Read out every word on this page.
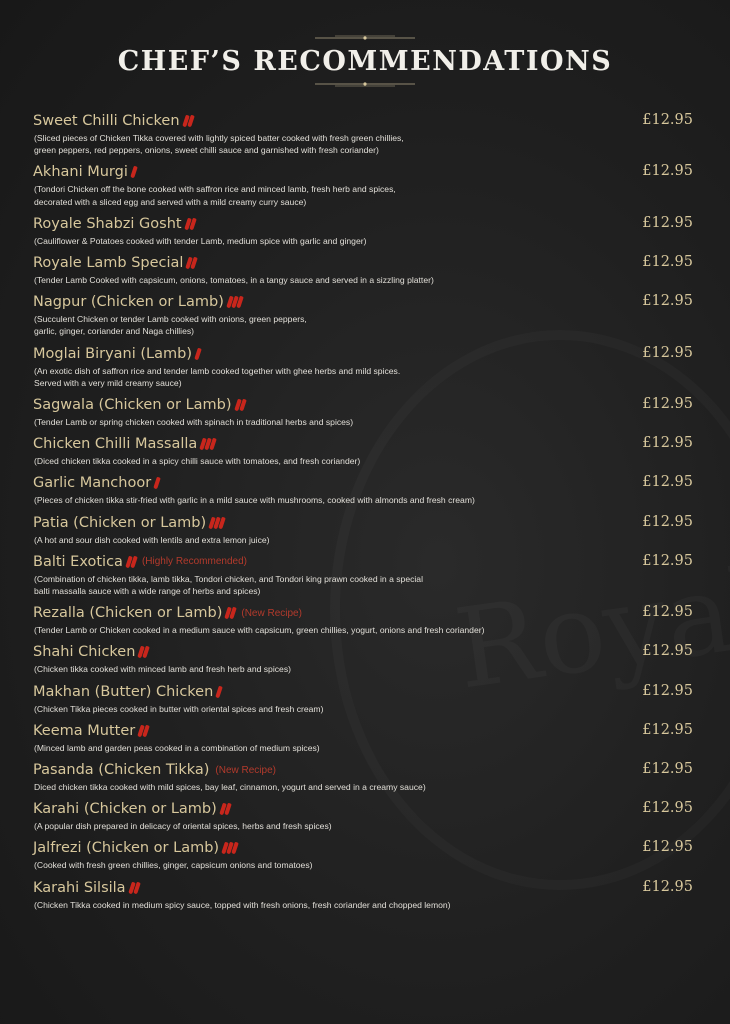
CHEF’S RECOMMENDATIONS
Sweet Chilli Chicken	£12.95
(Sliced pieces of Chicken Tikka covered with lightly spiced batter cooked with fresh green chillies,
green peppers, red peppers, onions, sweet chilli sauce and garnished with fresh coriander)
Akhani Murgi	£12.95
(Tondori Chicken off the bone cooked with saffron rice and minced lamb, fresh herb and spices,
decorated with a sliced egg and served with a mild creamy curry sauce)
Royale Shabzi Gosht	£12.95
(Cauliflower & Potatoes cooked with tender Lamb, medium spice with garlic and ginger)
Royale Lamb Special	£12.95
(Tender Lamb Cooked with capsicum, onions, tomatoes, in a tangy sauce and served in a sizzling platter)
Nagpur (Chicken or Lamb)	£12.95
(Succulent Chicken or tender Lamb cooked with onions, green peppers,
garlic, ginger, coriander and Naga chillies)
Moglai Biryani (Lamb)	£12.95
(An exotic dish of saffron rice and tender lamb cooked together with ghee herbs and mild spices.
Served with a very mild creamy sauce)
Sagwala (Chicken or Lamb)	£12.95
(Tender Lamb or spring chicken cooked with spinach in traditional herbs and spices)
Chicken Chilli Massalla	£12.95
(Diced chicken tikka cooked in a spicy chilli sauce with tomatoes, and fresh coriander)
Garlic Manchoor	£12.95
(Pieces of chicken tikka stir-fried with garlic in a mild sauce with mushrooms, cooked with almonds and fresh cream)
Patia (Chicken or Lamb)	£12.95
(A hot and sour dish cooked with lentils and extra lemon juice)
Balti Exotica (Highly Recommended)	£12.95
(Combination of chicken tikka, lamb tikka, Tondori chicken, and Tondori king prawn cooked in a special
balti massalla sauce with a wide range of herbs and spices)
Rezalla (Chicken or Lamb) (New Recipe)	£12.95
(Tender Lamb or Chicken cooked in a medium sauce with capsicum, green chillies, yogurt, onions and fresh coriander)
Shahi Chicken	£12.95
(Chicken tikka cooked with minced lamb and fresh herb and spices)
Makhan (Butter) Chicken	£12.95
(Chicken Tikka pieces cooked in butter with oriental spices and fresh cream)
Keema Mutter	£12.95
(Minced lamb and garden peas cooked in a combination of medium spices)
Pasanda (Chicken Tikka) (New Recipe)	£12.95
Diced chicken tikka cooked with mild spices, bay leaf, cinnamon, yogurt and served in a creamy sauce)
Karahi (Chicken or Lamb)	£12.95
(A popular dish prepared in delicacy of oriental spices, herbs and fresh spices)
Jalfrezi (Chicken or Lamb)	£12.95
(Cooked with fresh green chillies, ginger, capsicum onions and tomatoes)
Karahi Silsila	£12.95
(Chicken Tikka cooked in medium spicy sauce, topped with fresh onions, fresh coriander and chopped lemon)
